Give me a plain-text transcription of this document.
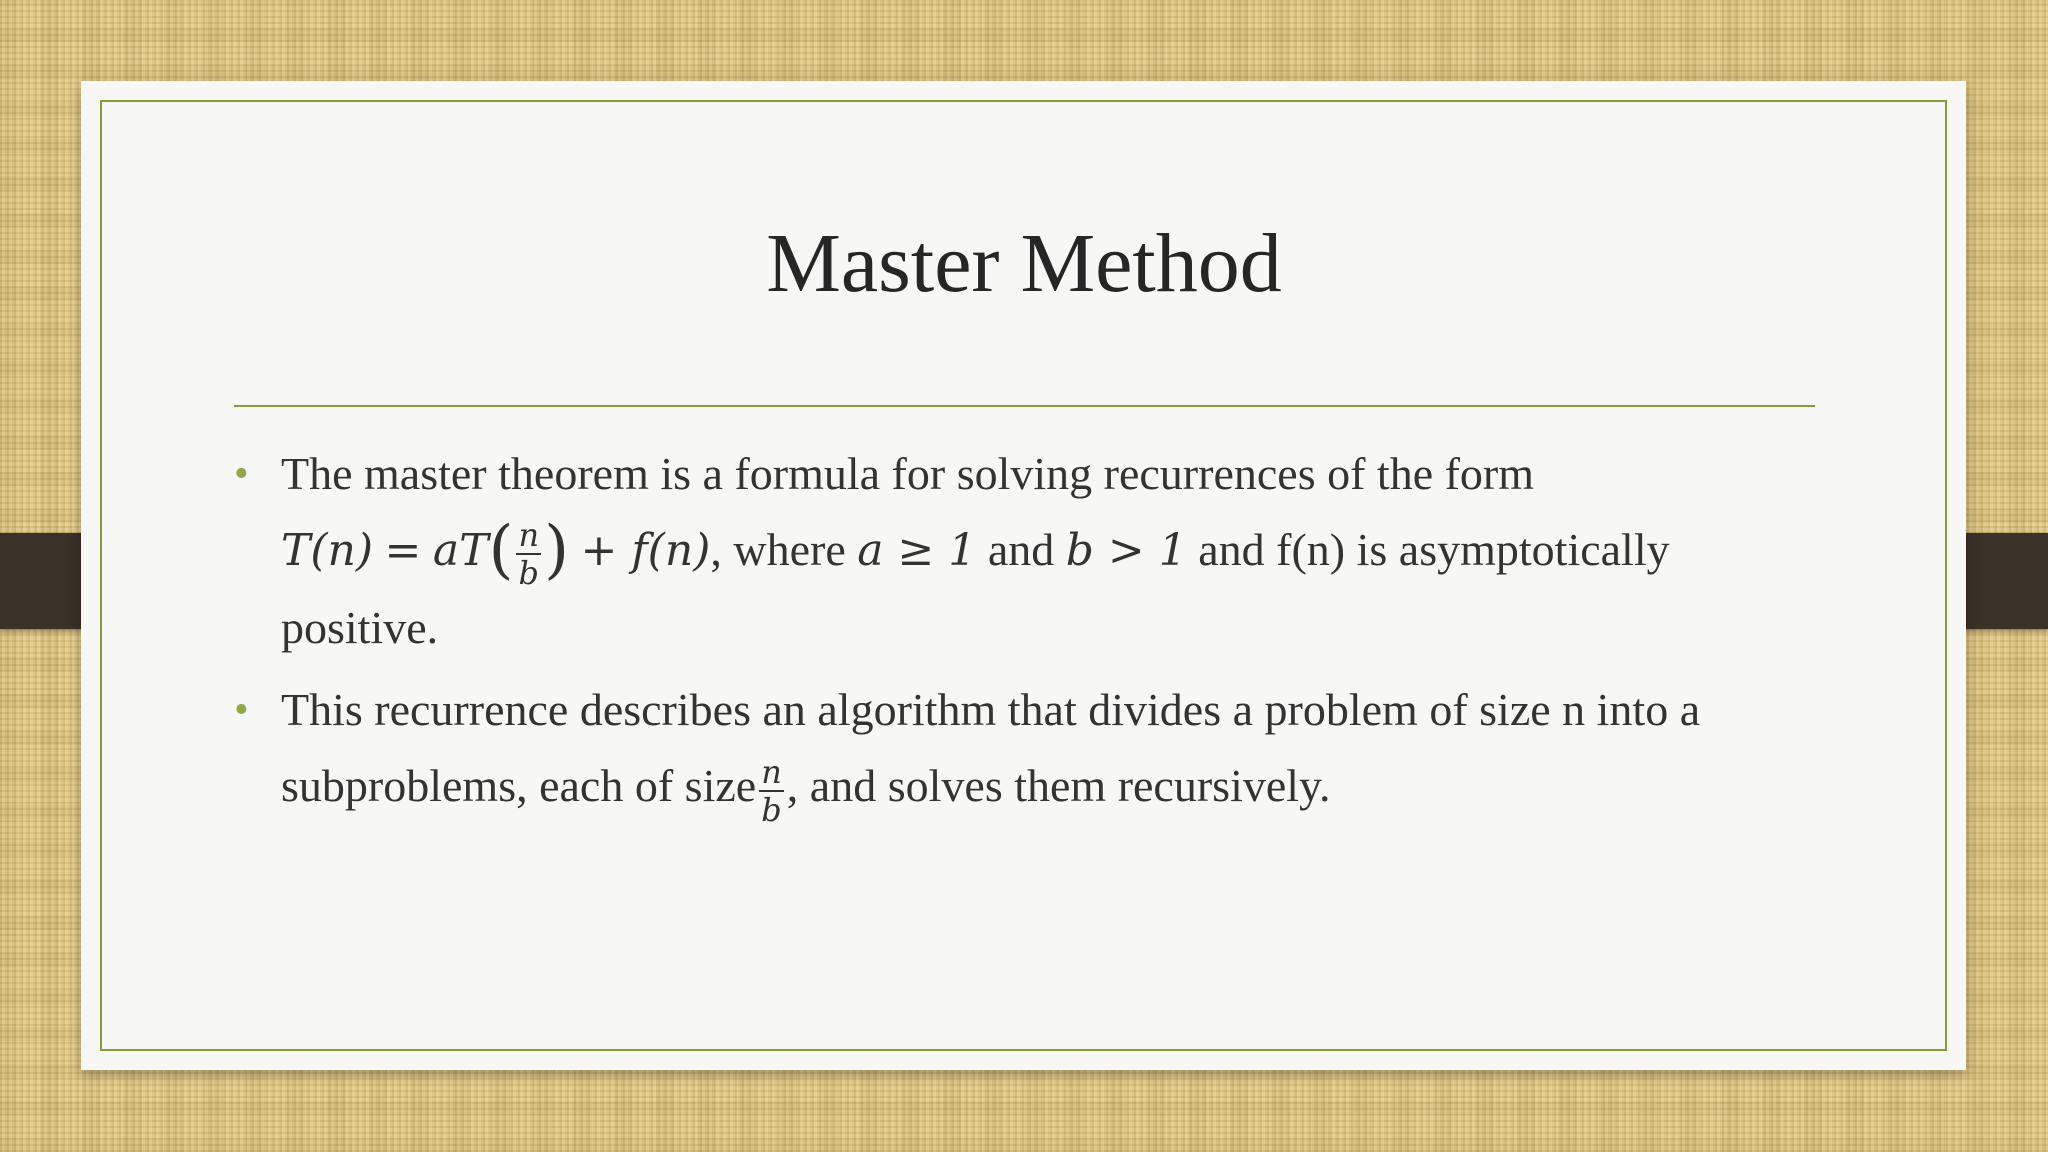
Master Method
• The master theorem is a formula for solving recurrences of the form
$T(n) = aT( \frac{n}{b}$ ) + f(n), where a ≥ 1 and b > 1 and f(n) is asymptotically positive.
• This recurrence describes an algorithm that divides a problem of size n into a subproblems, each of size $\frac{n}{b}$ , and solves them recursively.
